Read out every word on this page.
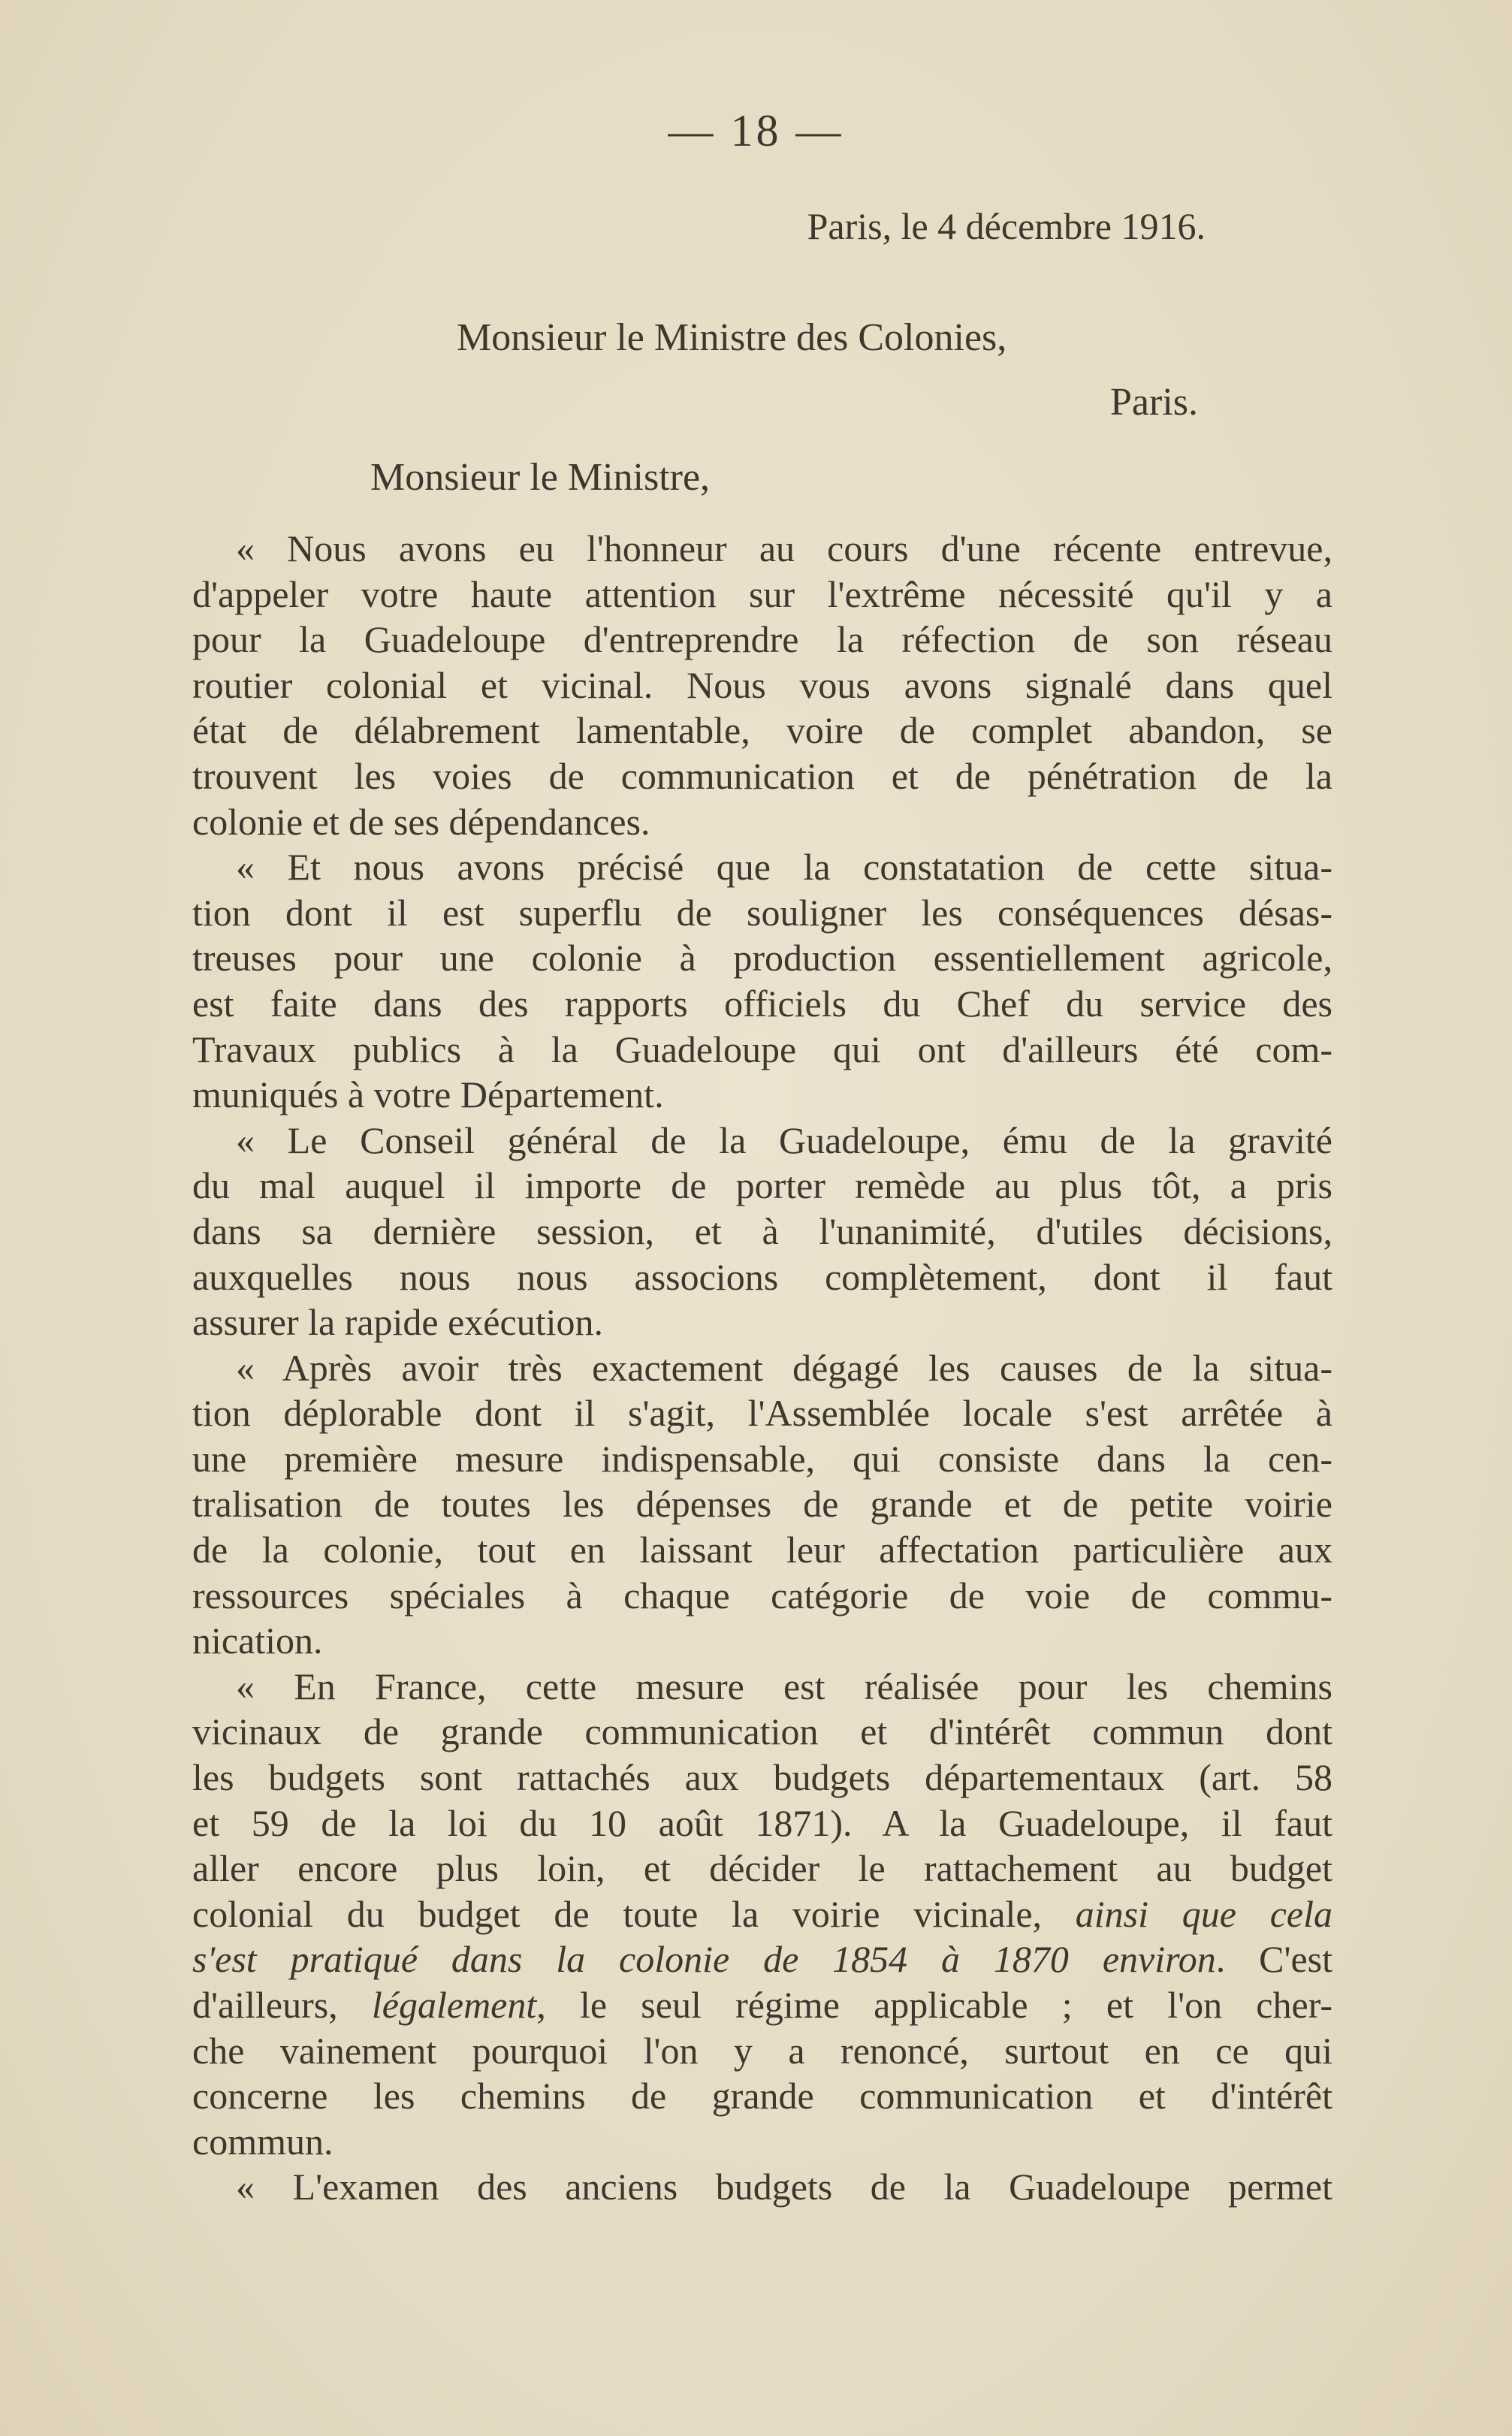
— 18 —
Paris, le 4 décembre 1916.
Monsieur le Ministre des Colonies,
Paris.
Monsieur le Ministre,
« Nous avons eu l'honneur au cours d'une récente entrevue,
d'appeler votre haute attention sur l'extrême nécessité qu'il y a
pour la Guadeloupe d'entreprendre la réfection de son réseau
routier colonial et vicinal. Nous vous avons signalé dans quel
état de délabrement lamentable, voire de complet abandon, se
trouvent les voies de communication et de pénétration de la
colonie et de ses dépendances.
« Et nous avons précisé que la constatation de cette situa-
tion dont il est superflu de souligner les conséquences désas-
treuses pour une colonie à production essentiellement agricole,
est faite dans des rapports officiels du Chef du service des
Travaux publics à la Guadeloupe qui ont d'ailleurs été com-
muniqués à votre Département.
« Le Conseil général de la Guadeloupe, ému de la gravité
du mal auquel il importe de porter remède au plus tôt, a pris
dans sa dernière session, et à l'unanimité, d'utiles décisions,
auxquelles nous nous associons complètement, dont il faut
assurer la rapide exécution.
« Après avoir très exactement dégagé les causes de la situa-
tion déplorable dont il s'agit, l'Assemblée locale s'est arrêtée à
une première mesure indispensable, qui consiste dans la cen-
tralisation de toutes les dépenses de grande et de petite voirie
de la colonie, tout en laissant leur affectation particulière aux
ressources spéciales à chaque catégorie de voie de commu-
nication.
« En France, cette mesure est réalisée pour les chemins
vicinaux de grande communication et d'intérêt commun dont
les budgets sont rattachés aux budgets départementaux (art. 58
et 59 de la loi du 10 août 1871). A la Guadeloupe, il faut
aller encore plus loin, et décider le rattachement au budget
colonial du budget de toute la voirie vicinale, ainsi que cela
s'est pratiqué dans la colonie de 1854 à 1870 environ. C'est
d'ailleurs, légalement, le seul régime applicable ; et l'on cher-
che vainement pourquoi l'on y a renoncé, surtout en ce qui
concerne les chemins de grande communication et d'intérêt
commun.
« L'examen des anciens budgets de la Guadeloupe permet
